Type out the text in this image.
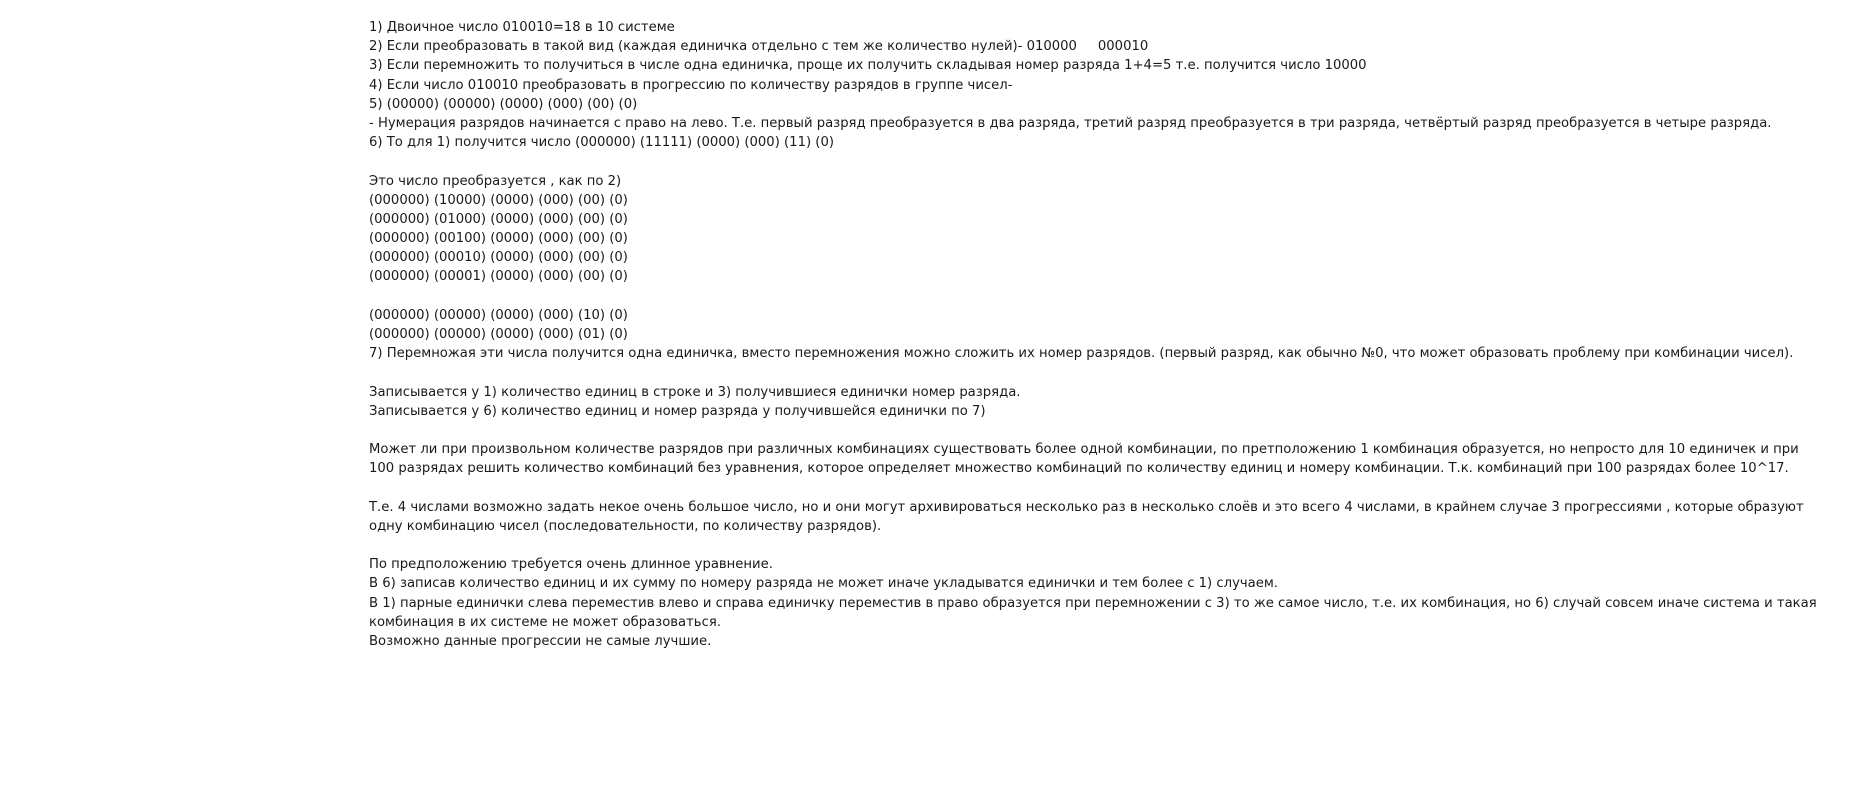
1) Двоичное число 010010=18 в 10 системе
2) Если преобразовать в такой вид (каждая единичка отдельно с тем же количество нулей)- 010000     000010
3) Если перемножить то получиться в числе одна единичка, проще их получить складывая номер разряда 1+4=5 т.е. получится число 10000
4) Если число 010010 преобразовать в прогрессию по количеству разрядов в группе чисел-
5) (00000) (00000) (0000) (000) (00) (0)
- Нумерация разрядов начинается с право на лево. Т.е. первый разряд преобразуется в два разряда, третий разряд преобразуется в три разряда, четвёртый разряд преобразуется в четыре разряда.
6) То для 1) получится число (000000) (11111) (0000) (000) (11) (0)
Это число преобразуется , как по 2)
(000000) (10000) (0000) (000) (00) (0)
(000000) (01000) (0000) (000) (00) (0)
(000000) (00100) (0000) (000) (00) (0)
(000000) (00010) (0000) (000) (00) (0)
(000000) (00001) (0000) (000) (00) (0)
(000000) (00000) (0000) (000) (10) (0)
(000000) (00000) (0000) (000) (01) (0)
7) Перемножая эти числа получится одна единичка, вместо перемножения можно сложить их номер разрядов. (первый разряд, как обычно №0, что может образовать проблему при комбинации чисел).
Записывается у 1) количество единиц в строке и 3) получившиеся единички номер разряда.
Записывается у 6) количество единиц и номер разряда у получившейся единички по 7)
Может ли при произвольном количестве разрядов при различных комбинациях существовать более одной комбинации, по претположению 1 комбинация образуется, но непросто для 10 единичек и при
100 разрядах решить количество комбинаций без уравнения, которое определяет множество комбинаций по количеству единиц и номеру комбинации. Т.к. комбинаций при 100 разрядах более 10^17.
Т.е. 4 числами возможно задать некое очень большое число, но и они могут архивироваться несколько раз в несколько слоёв и это всего 4 числами, в крайнем случае 3 прогрессиями , которые образуют
одну комбинацию чисел (последовательности, по количеству разрядов).
По предположению требуется очень длинное уравнение.
В 6) записав количество единиц и их сумму по номеру разряда не может иначе укладыватся единички и тем более с 1) случаем.
В 1) парные единички слева переместив влево и справа единичку переместив в право образуется при перемножении с 3) то же самое число, т.е. их комбинация, но 6) случай совсем иначе система и такая
комбинация в их системе не может образоваться.
Возможно данные прогрессии не самые лучшие.
